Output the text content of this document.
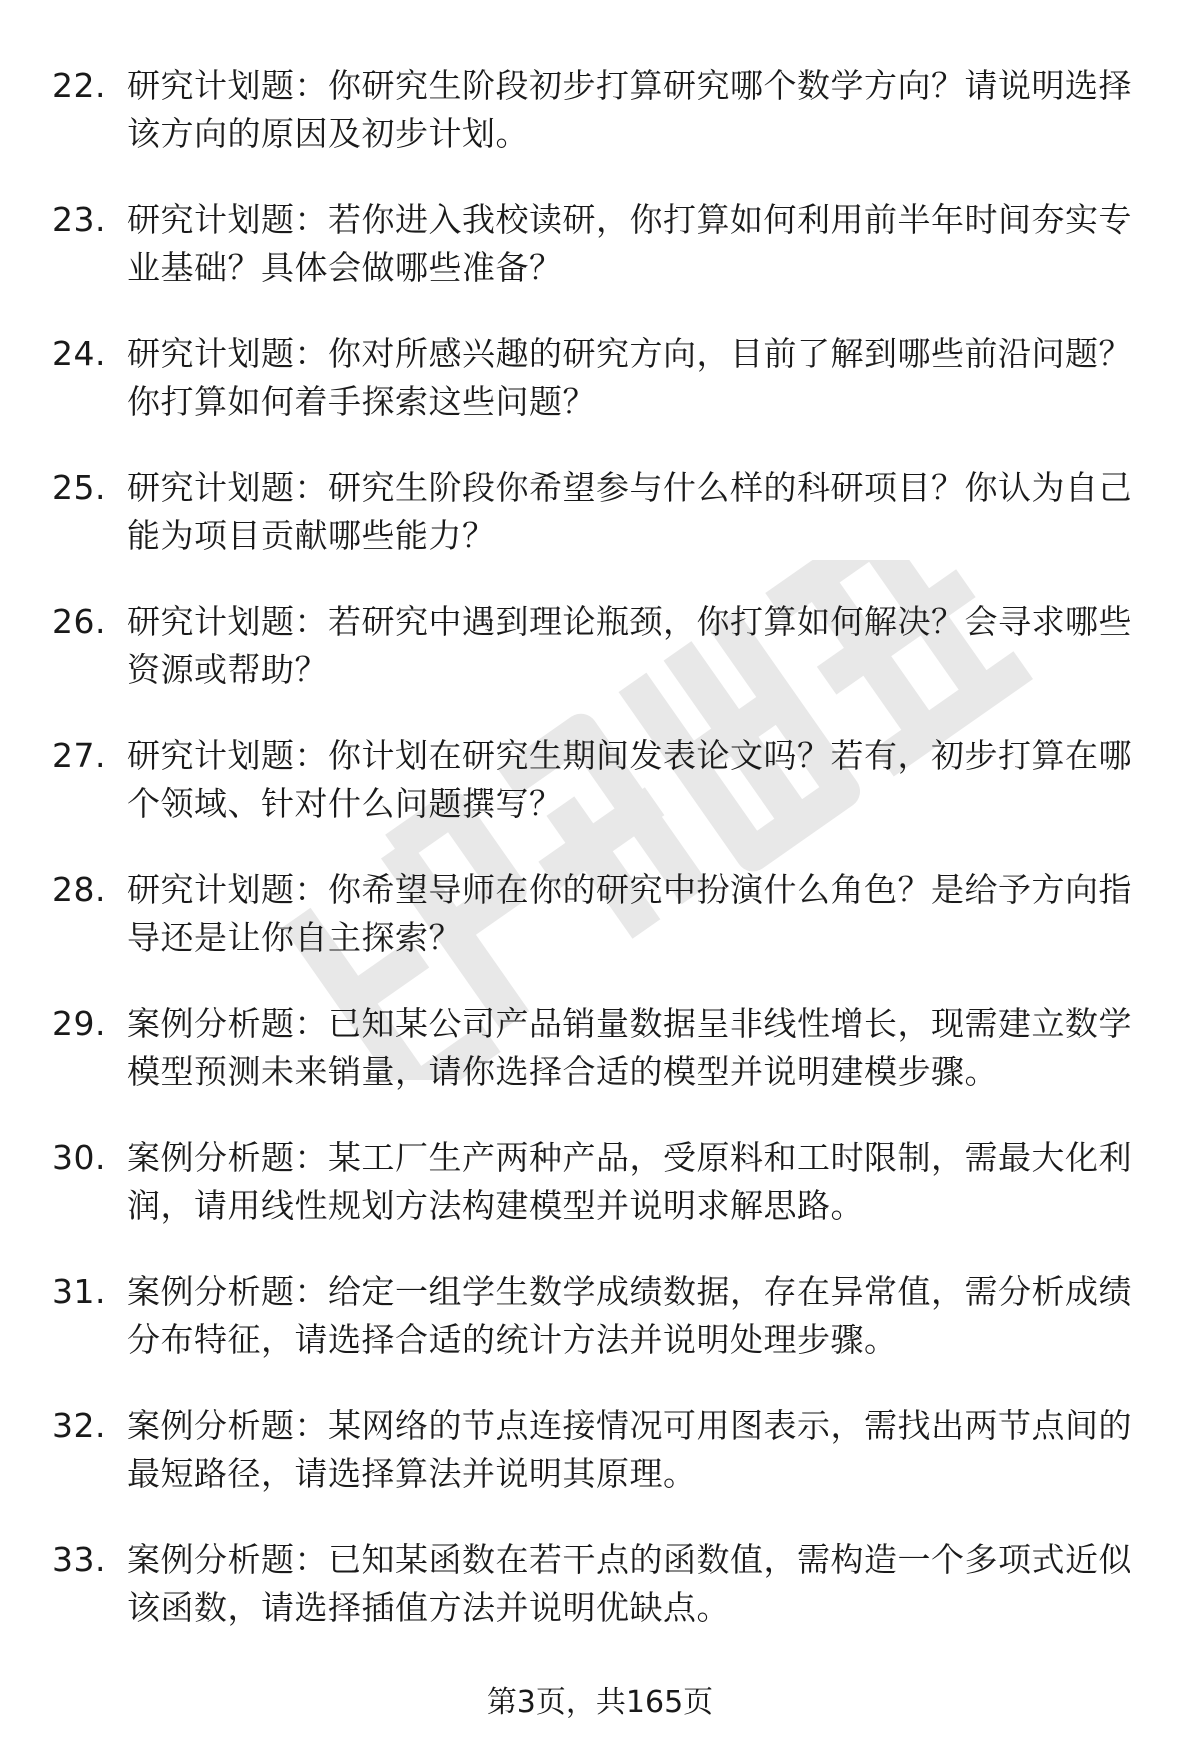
22. 研究计划题：你研究生阶段初步打算研究哪个数学方向？请说明选择该方向的原因及初步计划。
23. 研究计划题：若你进入我校读研，你打算如何利用前半年时间夯实专业基础？具体会做哪些准备？
24. 研究计划题：你对所感兴趣的研究方向，目前了解到哪些前沿问题？你打算如何着手探索这些问题？
25. 研究计划题：研究生阶段你希望参与什么样的科研项目？你认为自己能为项目贡献哪些能力？
26. 研究计划题：若研究中遇到理论瓶颈，你打算如何解决？会寻求哪些资源或帮助？
27. 研究计划题：你计划在研究生期间发表论文吗？若有，初步打算在哪个领域、针对什么问题撰写？
28. 研究计划题：你希望导师在你的研究中扮演什么角色？是给予方向指导还是让你自主探索？
29. 案例分析题：已知某公司产品销量数据呈非线性增长，现需建立数学模型预测未来销量，请你选择合适的模型并说明建模步骤。
30. 案例分析题：某工厂生产两种产品，受原料和工时限制，需最大化利润，请用线性规划方法构建模型并说明求解思路。
31. 案例分析题：给定一组学生数学成绩数据，存在异常值，需分析成绩分布特征，请选择合适的统计方法并说明处理步骤。
32. 案例分析题：某网络的节点连接情况可用图表示，需找出两节点间的最短路径，请选择算法并说明其原理。
33. 案例分析题：已知某函数在若干点的函数值，需构造一个多项式近似该函数，请选择插值方法并说明优缺点。
第3页，共165页
